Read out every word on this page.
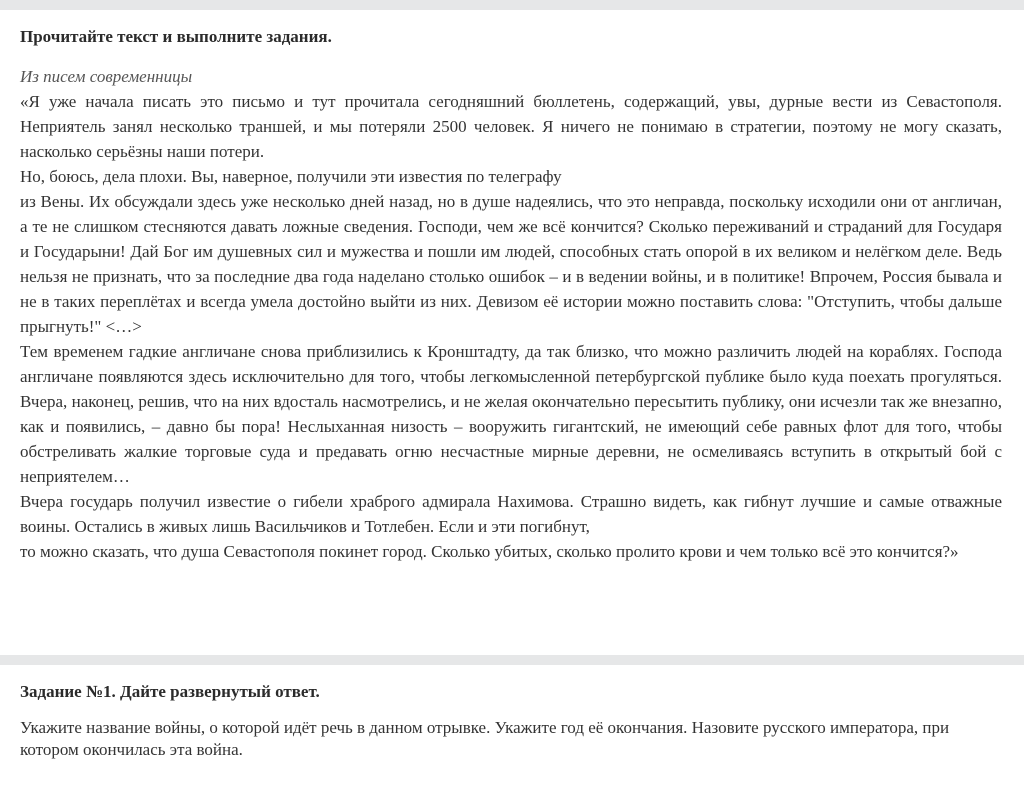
Прочитайте текст и выполните задания.
Из писем современницы

«Я уже начала писать это письмо и тут прочитала сегодняшний бюллетень, содержащий, увы, дурные вести из Севастополя. Неприятель занял несколько траншей, и мы потеряли 2500 человек. Я ничего не понимаю в стратегии, поэтому не могу сказать, насколько серьёзны наши потери.

Но, боюсь, дела плохи. Вы, наверное, получили эти известия по телеграфу

из Вены. Их обсуждали здесь уже несколько дней назад, но в душе надеялись, что это неправда, поскольку исходили они от англичан, а те не слишком стесняются давать ложные сведения. Господи, чем же всё кончится? Сколько переживаний и страданий для Государя и Государыни! Дай Бог им душевных сил и мужества и пошли им людей, способных стать опорой в их великом и нелёгком деле. Ведь нельзя не признать, что за последние два года наделано столько ошибок – и в ведении войны, и в политике! Впрочем, Россия бывала и не в таких переплётах и всегда умела достойно выйти из них. Девизом её истории можно поставить слова: "Отступить, чтобы дальше прыгнуть!" <…>

Тем временем гадкие англичане снова приблизились к Кронштадту, да так близко, что можно различить людей на кораблях. Господа англичане появляются здесь исключительно для того, чтобы легкомысленной петербургской публике было куда поехать прогуляться. Вчера, наконец, решив, что на них вдосталь насмотрелись, и не желая окончательно пересытить публику, они исчезли так же внезапно, как и появились, – давно бы пора! Неслыханная низость – вооружить гигантский, не имеющий себе равных флот для того, чтобы обстреливать жалкие торговые суда и предавать огню несчастные мирные деревни, не осмеливаясь вступить в открытый бой с неприятелем…

Вчера государь получил известие о гибели храброго адмирала Нахимова. Страшно видеть, как гибнут лучшие и самые отважные воины. Остались в живых лишь Васильчиков и Тотлебен. Если и эти погибнут,

то можно сказать, что душа Севастополя покинет город. Сколько убитых, сколько пролито крови и чем только всё это кончится?»

Задание №1. Дайте развернутый ответ.
Укажите название войны, о которой идёт речь в данном отрывке. Укажите год её окончания. Назовите русского императора, при котором окончилась эта война.
